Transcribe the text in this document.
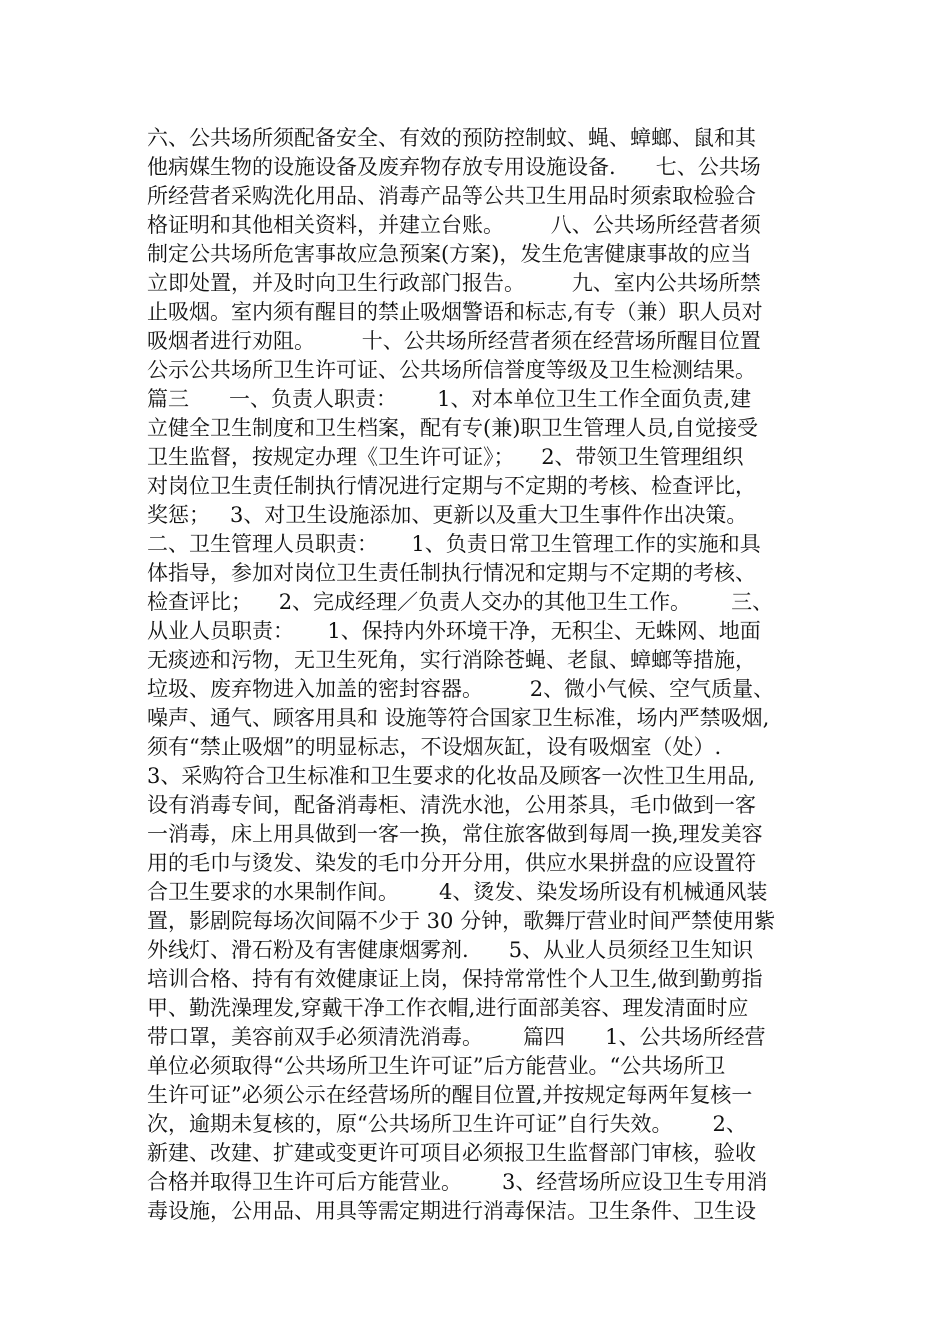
六、公共场所须配备安全、有效的预防控制蚊、蝇、蟑螂、鼠和其
他病媒生物的设施设备及废弃物存放专用设施设备.      七、公共场
所经营者采购洗化用品、消毒产品等公共卫生用品时须索取检验合
格证明和其他相关资料，并建立台账。       八、公共场所经营者须
制定公共场所危害事故应急预案(方案)，发生危害健康事故的应当
立即处置，并及时向卫生行政部门报告。       九、室内公共场所禁
止吸烟。室内须有醒目的禁止吸烟警语和标志,有专（兼）职人员对
吸烟者进行劝阻。       十、公共场所经营者须在经营场所醒目位置
公示公共场所卫生许可证、公共场所信誉度等级及卫生检测结果。
篇三      一、负责人职责：      1、对本单位卫生工作全面负责,建
立健全卫生制度和卫生档案，配有专(兼)职卫生管理人员,自觉接受
卫生监督，按规定办理《卫生许可证》；    2、带领卫生管理组织
对岗位卫生责任制执行情况进行定期与不定期的考核、检查评比，
奖惩；   3、对卫生设施添加、更新以及重大卫生事件作出决策。
二、卫生管理人员职责：     1、负责日常卫生管理工作的实施和具
体指导，参加对岗位卫生责任制执行情况和定期与不定期的考核、
检查评比；    2、完成经理／负责人交办的其他卫生工作。      三、
从业人员职责：     1、保持内外环境干净，无积尘、无蛛网、地面
无痰迹和污物，无卫生死角，实行消除苍蝇、老鼠、蟑螂等措施，
垃圾、废弃物进入加盖的密封容器。       2、微小气候、空气质量、
噪声、通气、顾客用具和 设施等符合国家卫生标准，场内严禁吸烟,
须有“禁止吸烟”的明显标志，不设烟灰缸，设有吸烟室（处）.
3、采购符合卫生标准和卫生要求的化妆品及顾客一次性卫生用品,
设有消毒专间，配备消毒柜、清洗水池，公用茶具，毛巾做到一客
一消毒，床上用具做到一客一换，常住旅客做到每周一换,理发美容
用的毛巾与烫发、染发的毛巾分开分用，供应水果拼盘的应设置符
合卫生要求的水果制作间。      4、烫发、染发场所设有机械通风装
置，影剧院每场次间隔不少于 30 分钟，歌舞厅营业时间严禁使用紫
外线灯、滑石粉及有害健康烟雾剂.      5、从业人员须经卫生知识
培训合格、持有有效健康证上岗，保持常常性个人卫生,做到勤剪指
甲、勤洗澡理发,穿戴干净工作衣帽,进行面部美容、理发清面时应
带口罩，美容前双手必须清洗消毒。      篇四      1、公共场所经营
单位必须取得“公共场所卫生许可证”后方能营业。“公共场所卫
生许可证”必须公示在经营场所的醒目位置,并按规定每两年复核一
次，逾期未复核的，原“公共场所卫生许可证”自行失效。      2、
新建、改建、扩建或变更许可项目必须报卫生监督部门审核，验收
合格并取得卫生许可后方能营业。      3、经营场所应设卫生专用消
毒设施，公用品、用具等需定期进行消毒保洁。卫生条件、卫生设
